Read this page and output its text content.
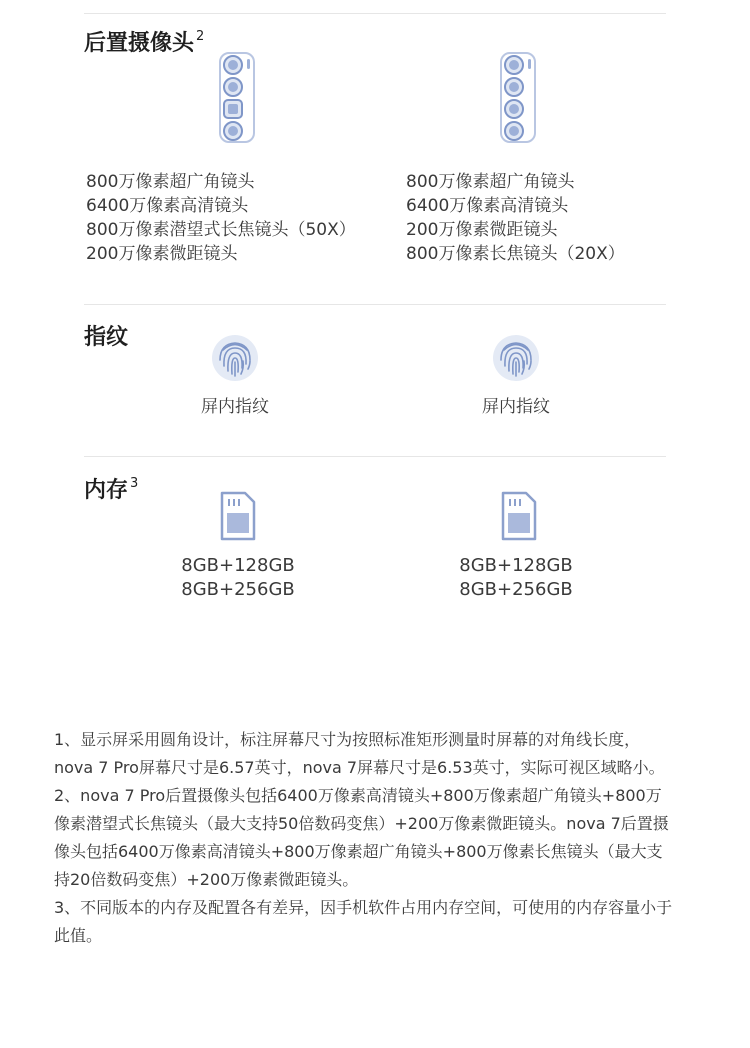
后置摄像头 $^2$
800万像素超广角镜头
6400万像素高清镜头
800万像素潜望式长焦镜头（50X）
200万像素微距镜头
800万像素超广角镜头
6400万像素高清镜头
200万像素微距镜头
800万像素长焦镜头（20X）
指纹
屏内指纹	屏内指纹
内存 $^3$
8GB+128GB
8GB+256GB
8GB+128GB
8GB+256GB

1、显示屏采用圆角设计，标注屏幕尺寸为按照标准矩形测量时屏幕的对角线长度，nova 7 Pro屏幕尺寸是6.57英寸，nova 7屏幕尺寸是6.53英寸，实际可视区域略小。

2、nova 7 Pro后置摄像头包括6400万像素高清镜头+800万像素超广角镜头+800万像素潜望式长焦镜头（最大支持50倍数码变焦）+200万像素微距镜头。nova 7后置摄像头包括6400万像素高清镜头+800万像素超广角镜头+800万像素长焦镜头（最大支持20倍数码变焦）+200万像素微距镜头。

3、不同版本的内存及配置各有差异，因手机软件占用内存空间，可使用的内存容量小于此值。
